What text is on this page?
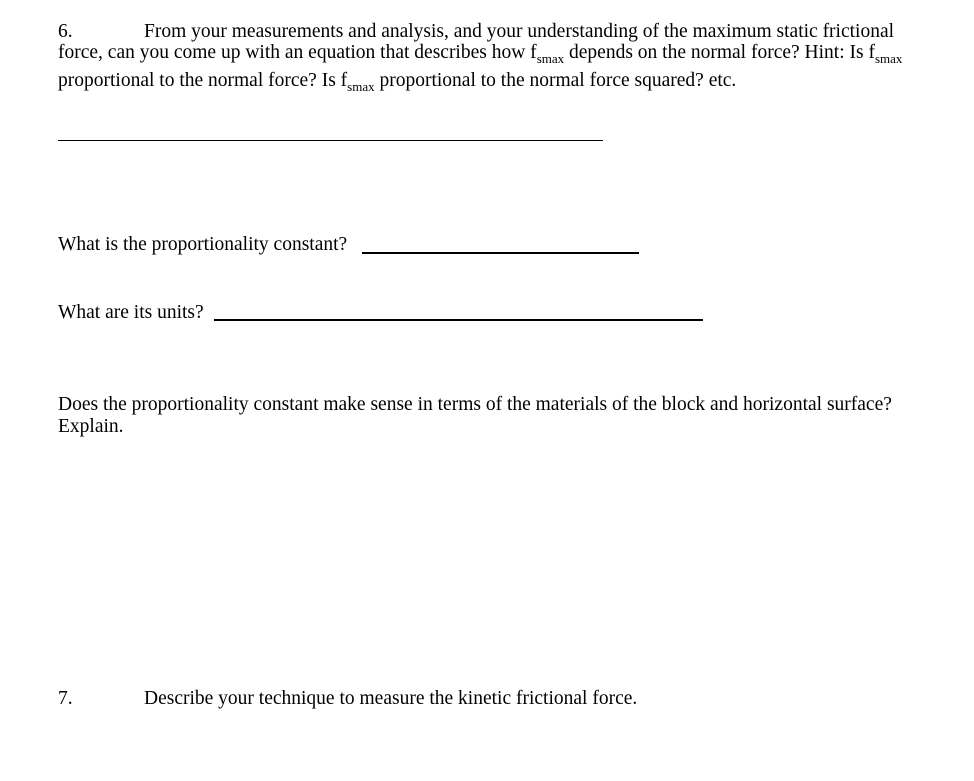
6.	From your measurements and analysis, and your understanding of the maximum static frictional
force, can you come up with an equation that describes how $f_{smax}$ depends on the normal force? Hint: Is $f_{smax}$
proportional to the normal force? Is $f_{smax}$ proportional to the normal force squared? etc.
What is the proportionality constant?
What are its units?
Does the proportionality constant make sense in terms of the materials of the block and horizontal surface?
Explain.
7.	Describe your technique to measure the kinetic frictional force.
